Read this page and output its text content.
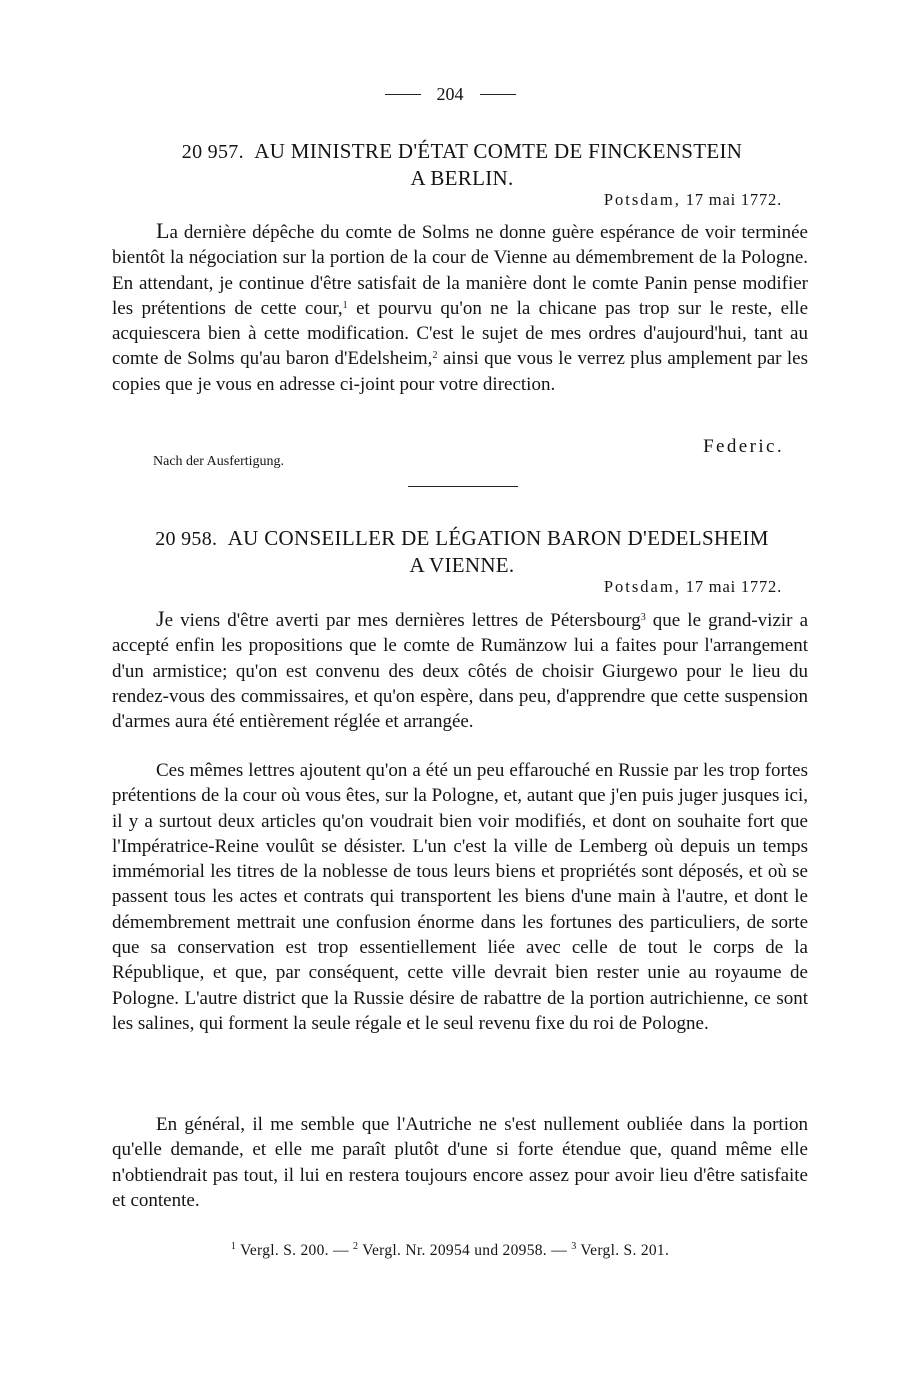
204
20 957. AU MINISTRE D'ÉTAT COMTE DE FINCKENSTEIN
A BERLIN.
Potsdam, 17 mai 1772.

La dernière dépêche du comte de Solms ne donne guère espérance de voir terminée bientôt la négociation sur la portion de la cour de Vienne au démembrement de la Pologne. En attendant, je continue d'être satisfait de la manière dont le comte Panin pense modifier les prétentions de cette cour,$^1$ et pourvu qu'on ne la chicane pas trop sur le reste, elle acquiescera bien à cette modification. C'est le sujet de mes ordres d'aujourd'hui, tant au comte de Solms qu'au baron d'Edelsheim,$^2$ ainsi que vous le verrez plus amplement par les copies que je vous en adresse ci-joint pour votre direction.

Federic.
Nach der Ausfertigung.
20 958. AU CONSEILLER DE LÉGATION BARON D'EDELSHEIM
A VIENNE.
Potsdam, 17 mai 1772.

Je viens d'être averti par mes dernières lettres de Pétersbourg$^3$ que le grand-vizir a accepté enfin les propositions que le comte de Rumänzow lui a faites pour l'arrangement d'un armistice; qu'on est convenu des deux côtés de choisir Giurgewo pour le lieu du rendez-vous des commissaires, et qu'on espère, dans peu, d'apprendre que cette suspension d'armes aura été entièrement réglée et arrangée.

Ces mêmes lettres ajoutent qu'on a été un peu effarouché en Russie par les trop fortes prétentions de la cour où vous êtes, sur la Pologne, et, autant que j'en puis juger jusques ici, il y a surtout deux articles qu'on voudrait bien voir modifiés, et dont on souhaite fort que l'Impératrice-Reine voulût se désister. L'un c'est la ville de Lemberg où depuis un temps immémorial les titres de la noblesse de tous leurs biens et propriétés sont déposés, et où se passent tous les actes et contrats qui transportent les biens d'une main à l'autre, et dont le démembrement mettrait une confusion énorme dans les fortunes des particuliers, de sorte que sa conservation est trop essentiellement liée avec celle de tout le corps de la République, et que, par conséquent, cette ville devrait bien rester unie au royaume de Pologne. L'autre district que la Russie désire de rabattre de la portion autrichienne, ce sont les salines, qui forment la seule régale et le seul revenu fixe du roi de Pologne.

En général, il me semble que l'Autriche ne s'est nullement oubliée dans la portion qu'elle demande, et elle me paraît plutôt d'une si forte étendue que, quand même elle n'obtiendrait pas tout, il lui en restera toujours encore assez pour avoir lieu d'être satisfaite et contente.

$^1$ Vergl. S. 200. — $^2$ Vergl. Nr. 20954 und 20958. — $^3$ Vergl. S. 201.
